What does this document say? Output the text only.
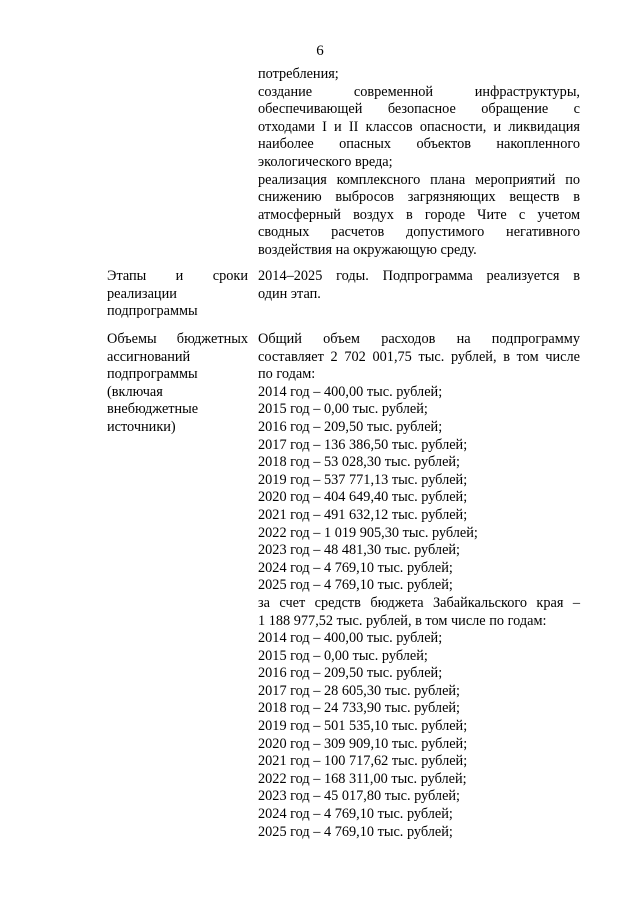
6
потребления;
создание современной инфраструктуры,
обеспечивающей безопасное обращение с
отходами I и II классов опасности, и ликвидация
наиболее опасных объектов накопленного
экологического вреда;
реализация комплексного плана мероприятий по
снижению выбросов загрязняющих веществ в
атмосферный воздух в городе Чите с учетом
сводных расчетов допустимого негативного
воздействия на окружающую среду.
Этапы и сроки
реализации
подпрограммы
2014–2025 годы. Подпрограмма реализуется в
один этап.
Объемы бюджетных
ассигнований
подпрограммы
(включая
внебюджетные
источники)
Общий объем расходов на подпрограмму
составляет 2 702 001,75 тыс. рублей, в том числе
по годам:
2014 год – 400,00 тыс. рублей;
2015 год – 0,00 тыс. рублей;
2016 год – 209,50 тыс. рублей;
2017 год – 136 386,50 тыс. рублей;
2018 год – 53 028,30 тыс. рублей;
2019 год – 537 771,13 тыс. рублей;
2020 год – 404 649,40 тыс. рублей;
2021 год – 491 632,12 тыс. рублей;
2022 год – 1 019 905,30 тыс. рублей;
2023 год – 48 481,30 тыс. рублей;
2024 год – 4 769,10 тыс. рублей;
2025 год – 4 769,10 тыс. рублей;
за счет средств бюджета Забайкальского края –
1 188 977,52 тыс. рублей, в том числе по годам:
2014 год – 400,00 тыс. рублей;
2015 год – 0,00 тыс. рублей;
2016 год – 209,50 тыс. рублей;
2017 год – 28 605,30 тыс. рублей;
2018 год – 24 733,90 тыс. рублей;
2019 год – 501 535,10 тыс. рублей;
2020 год – 309 909,10 тыс. рублей;
2021 год – 100 717,62 тыс. рублей;
2022 год – 168 311,00 тыс. рублей;
2023 год – 45 017,80 тыс. рублей;
2024 год – 4 769,10 тыс. рублей;
2025 год – 4 769,10 тыс. рублей;
